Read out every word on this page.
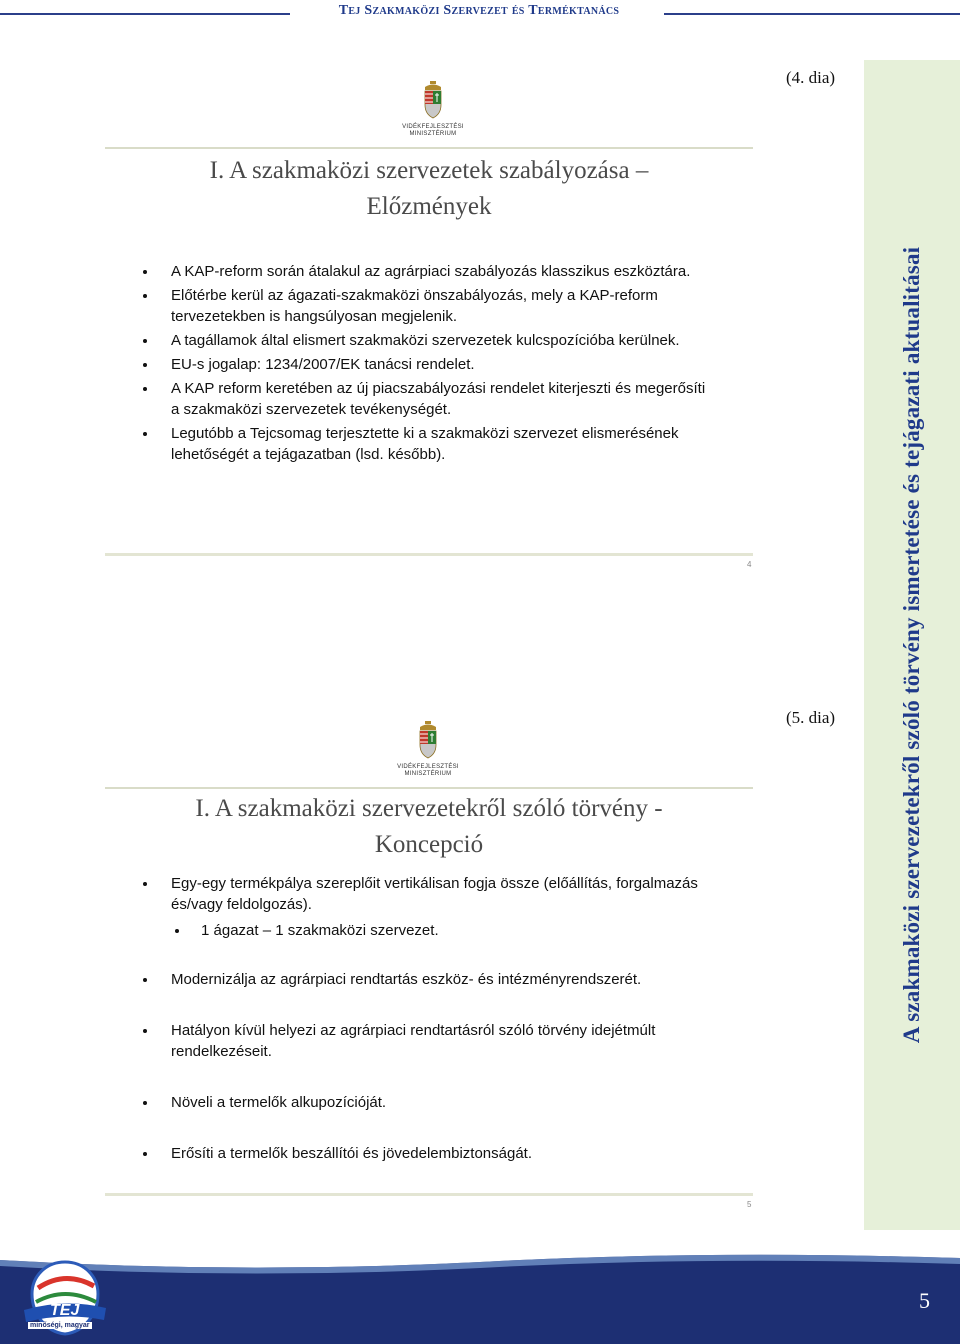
Tej Szakmaközi Szervezet és Terméktanács
(4. dia)
(5. dia)
VIDÉKFEJLESZTÉSI
MINISZTÉRIUM
I. A szakmaközi szervezetek szabályozása –
Előzmények
A KAP-reform során átalakul az agrárpiaci szabályozás klasszikus eszköztára.
Előtérbe kerül az ágazati-szakmaközi önszabályozás, mely a KAP-reform tervezetekben is hangsúlyosan megjelenik.
A tagállamok által elismert szakmaközi szervezetek kulcspozícióba kerülnek.
EU-s jogalap: 1234/2007/EK tanácsi rendelet.
A KAP reform keretében az új piacszabályozási rendelet kiterjeszti és megerősíti a szakmaközi szervezetek tevékenységét.
Legutóbb a Tejcsomag terjesztette ki a szakmaközi szervezet elismerésének lehetőségét a tejágazatban (lsd. később).
4
VIDÉKFEJLESZTÉSI
MINISZTÉRIUM
I. A szakmaközi szervezetekről szóló törvény -
Koncepció
Egy-egy termékpálya szereplőit vertikálisan fogja össze (előállítás, forgalmazás és/vagy feldolgozás).
1 ágazat – 1 szakmaközi szervezet.
Modernizálja az agrárpiaci rendtartás eszköz- és intézményrendszerét.
Hatályon kívül helyezi az agrárpiaci rendtartásról szóló törvény idejétmúlt rendelkezéseit.
Növeli a termelők alkupozícióját.
Erősíti a termelők beszállítói és jövedelembiztonságát.
5
A szakmaközi szervezetekről szóló törvény ismertetése és tejágazati aktualitásai
TEJ
minőségi, magyar
5
